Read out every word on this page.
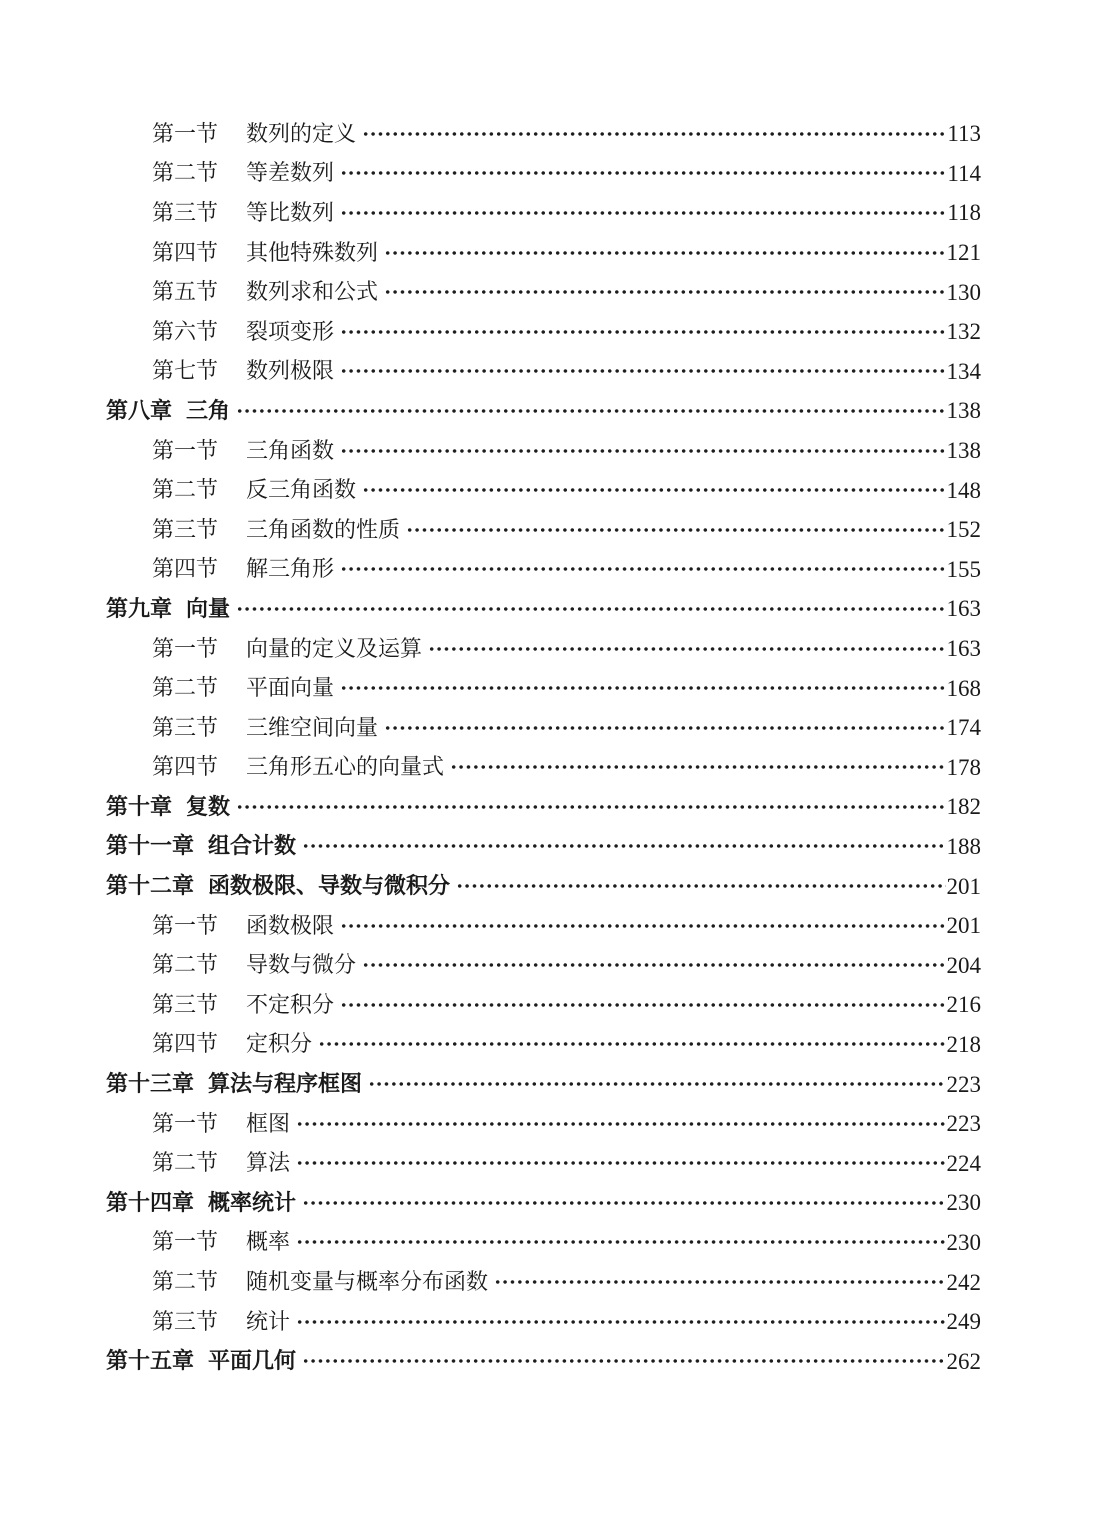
第一节 数列的定义	113
第二节 等差数列	114
第三节 等比数列	118
第四节 其他特殊数列	121
第五节 数列求和公式	130
第六节 裂项变形	132
第七节 数列极限	134
第八章 三角	138
第一节 三角函数	138
第二节 反三角函数	148
第三节 三角函数的性质	152
第四节 解三角形	155
第九章 向量	163
第一节 向量的定义及运算	163
第二节 平面向量	168
第三节 三维空间向量	174
第四节 三角形五心的向量式	178
第十章 复数	182
第十一章 组合计数	188
第十二章 函数极限、导数与微积分	201
第一节 函数极限	201
第二节 导数与微分	204
第三节 不定积分	216
第四节 定积分	218
第十三章 算法与程序框图	223
第一节 框图	223
第二节 算法	224
第十四章 概率统计	230
第一节 概率	230
第二节 随机变量与概率分布函数	242
第三节 统计	249
第十五章 平面几何	262
